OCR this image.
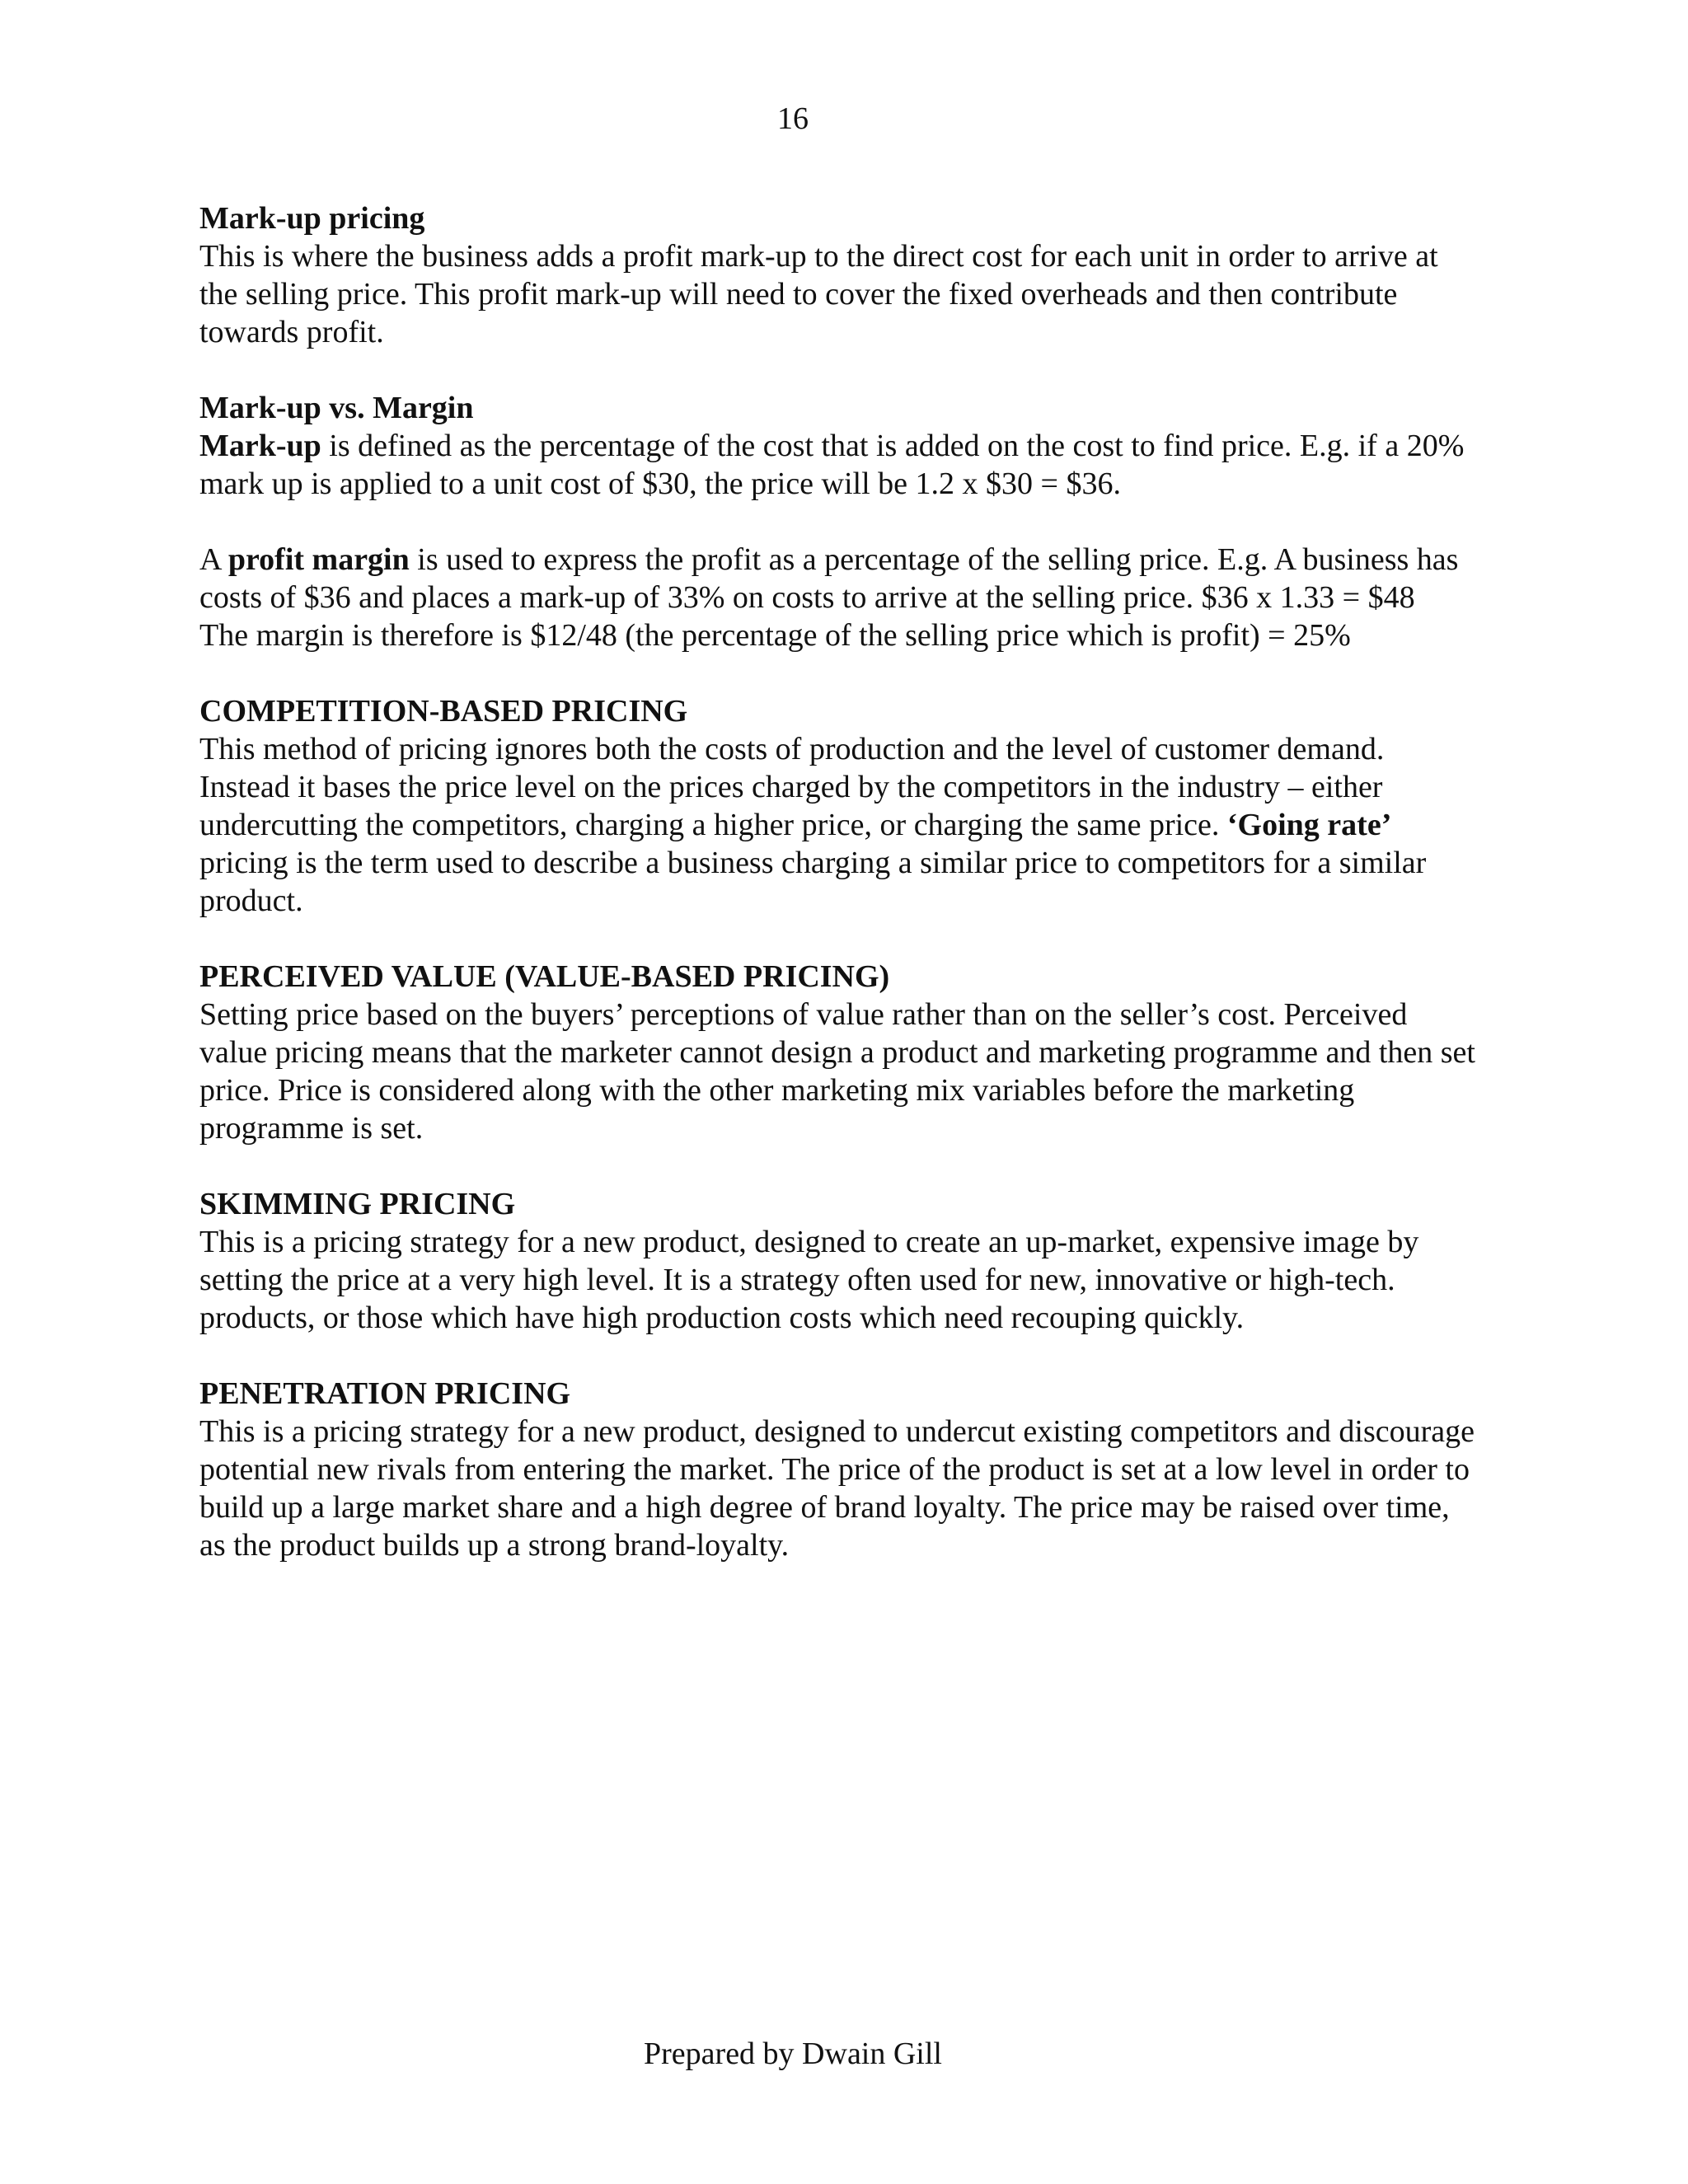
16
Mark-up pricing

This is where the business adds a profit mark-up to the direct cost for each unit in order to arrive at the selling price. This profit mark-up will need to cover the fixed overheads and then contribute towards profit.

Mark-up vs. Margin

Mark-up is defined as the percentage of the cost that is added on the cost to find price. E.g. if a 20% mark up is applied to a unit cost of $30, the price will be 1.2 x $30 = $36.

A profit margin is used to express the profit as a percentage of the selling price. E.g. A business has costs of $36 and places a mark-up of 33% on costs to arrive at the selling price. $36 x 1.33 = $48

The margin is therefore is $12/48 (the percentage of the selling price which is profit) = 25%

COMPETITION-BASED PRICING

This method of pricing ignores both the costs of production and the level of customer demand. Instead it bases the price level on the prices charged by the competitors in the industry – either undercutting the competitors, charging a higher price, or charging the same price. ‘Going rate’ pricing is the term used to describe a business charging a similar price to competitors for a similar product.

PERCEIVED VALUE (VALUE-BASED PRICING)

Setting price based on the buyers’ perceptions of value rather than on the seller’s cost. Perceived value pricing means that the marketer cannot design a product and marketing programme and then set price. Price is considered along with the other marketing mix variables before the marketing programme is set.

SKIMMING PRICING

This is a pricing strategy for a new product, designed to create an up-market, expensive image by setting the price at a very high level. It is a strategy often used for new, innovative or high-tech. products, or those which have high production costs which need recouping quickly.

PENETRATION PRICING

This is a pricing strategy for a new product, designed to undercut existing competitors and discourage potential new rivals from entering the market. The price of the product is set at a low level in order to build up a large market share and a high degree of brand loyalty. The price may be raised over time, as the product builds up a strong brand-loyalty.

Prepared by Dwain Gill
